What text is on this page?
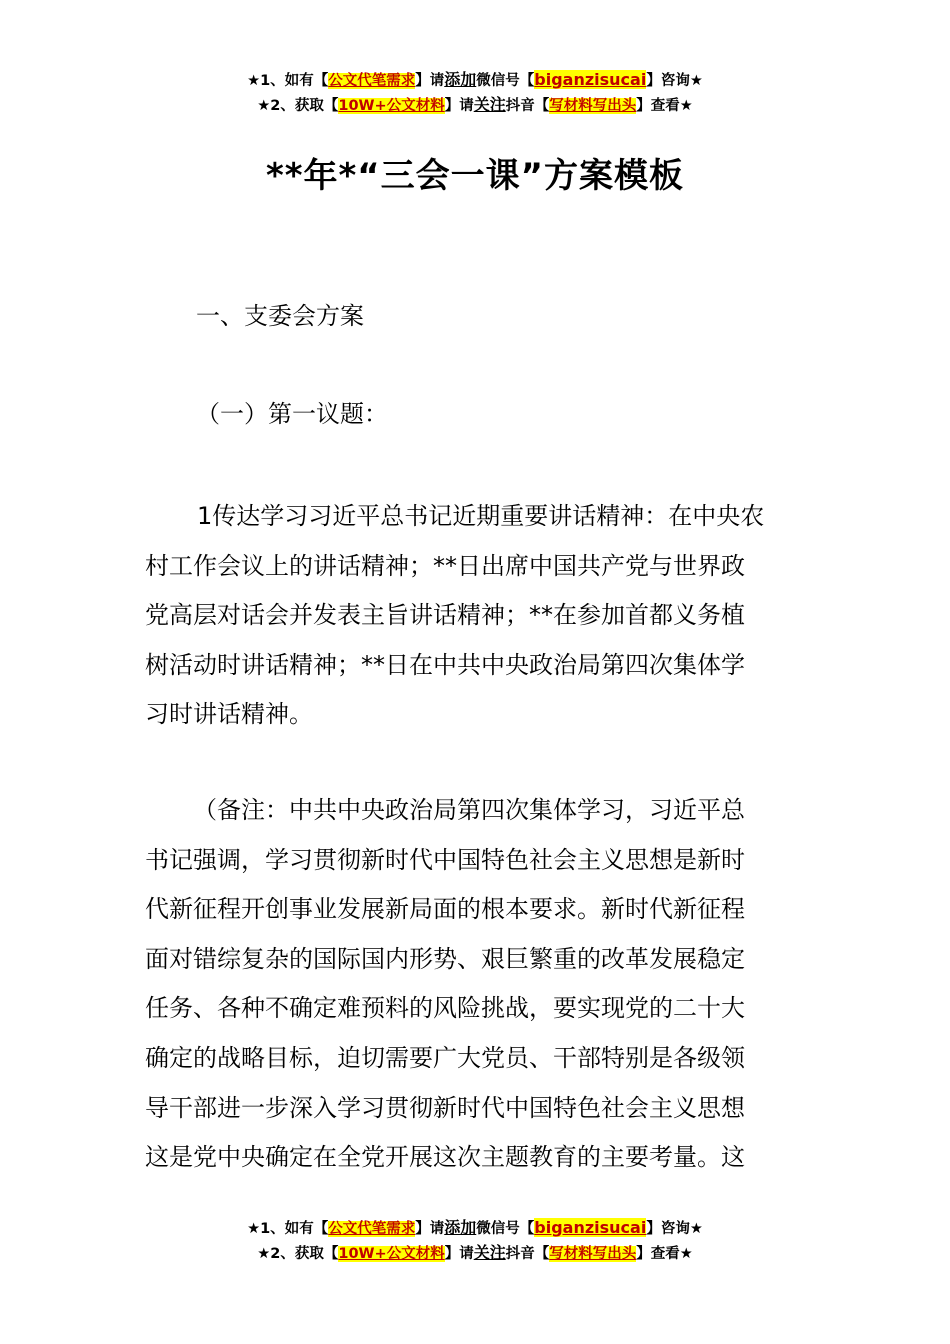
★1、如有【公文代笔需求】请添加微信号【biganzisucai】咨询★
★2、获取【10W+公文材料】请关注抖音【写材料写出头】查看★
**年*“三会一课”方案模板
一、支委会方案
（一）第一议题：
1传达学习习近平总书记近期重要讲话精神：在中央农
村工作会议上的讲话精神；**日出席中国共产党与世界政
党高层对话会并发表主旨讲话精神；**在参加首都义务植
树活动时讲话精神；**日在中共中央政治局第四次集体学
习时讲话精神。
（备注：中共中央政治局第四次集体学习，习近平总
书记强调，学习贯彻新时代中国特色社会主义思想是新时
代新征程开创事业发展新局面的根本要求。新时代新征程
面对错综复杂的国际国内形势、艰巨繁重的改革发展稳定
任务、各种不确定难预料的风险挑战，要实现党的二十大
确定的战略目标，迫切需要广大党员、干部特别是各级领
导干部进一步深入学习贯彻新时代中国特色社会主义思想
这是党中央确定在全党开展这次主题教育的主要考量。这
★1、如有【公文代笔需求】请添加微信号【biganzisucai】咨询★
★2、获取【10W+公文材料】请关注抖音【写材料写出头】查看★
